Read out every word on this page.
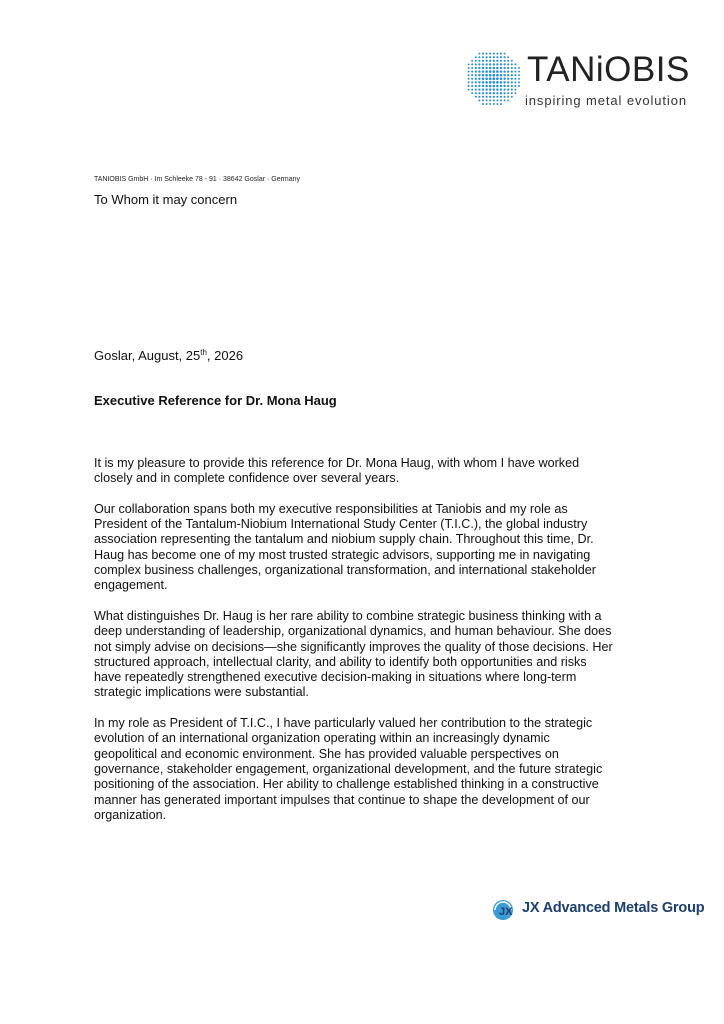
TANiOBIS
inspiring metal evolution
TANIOBIS GmbH · Im Schleeke 78 - 91 · 38642 Goslar · Germany
To Whom it may concern
Goslar, August, 25th, 2026
Executive Reference for Dr. Mona Haug

It is my pleasure to provide this reference for Dr. Mona Haug, with whom I have worked
closely and in complete confidence over several years.

Our collaboration spans both my executive responsibilities at Taniobis and my role as
President of the Tantalum-Niobium International Study Center (T.I.C.), the global industry
association representing the tantalum and niobium supply chain. Throughout this time, Dr.
Haug has become one of my most trusted strategic advisors, supporting me in navigating
complex business challenges, organizational transformation, and international stakeholder
engagement.

What distinguishes Dr. Haug is her rare ability to combine strategic business thinking with a
deep understanding of leadership, organizational dynamics, and human behaviour. She does
not simply advise on decisions—she significantly improves the quality of those decisions. Her
structured approach, intellectual clarity, and ability to identify both opportunities and risks
have repeatedly strengthened executive decision-making in situations where long-term
strategic implications were substantial.

In my role as President of T.I.C., I have particularly valued her contribution to the strategic
evolution of an international organization operating within an increasingly dynamic
geopolitical and economic environment. She has provided valuable perspectives on
governance, stakeholder engagement, organizational development, and the future strategic
positioning of the association. Her ability to challenge established thinking in a constructive
manner has generated important impulses that continue to shape the development of our
organization.

JX JX Advanced Metals Group
